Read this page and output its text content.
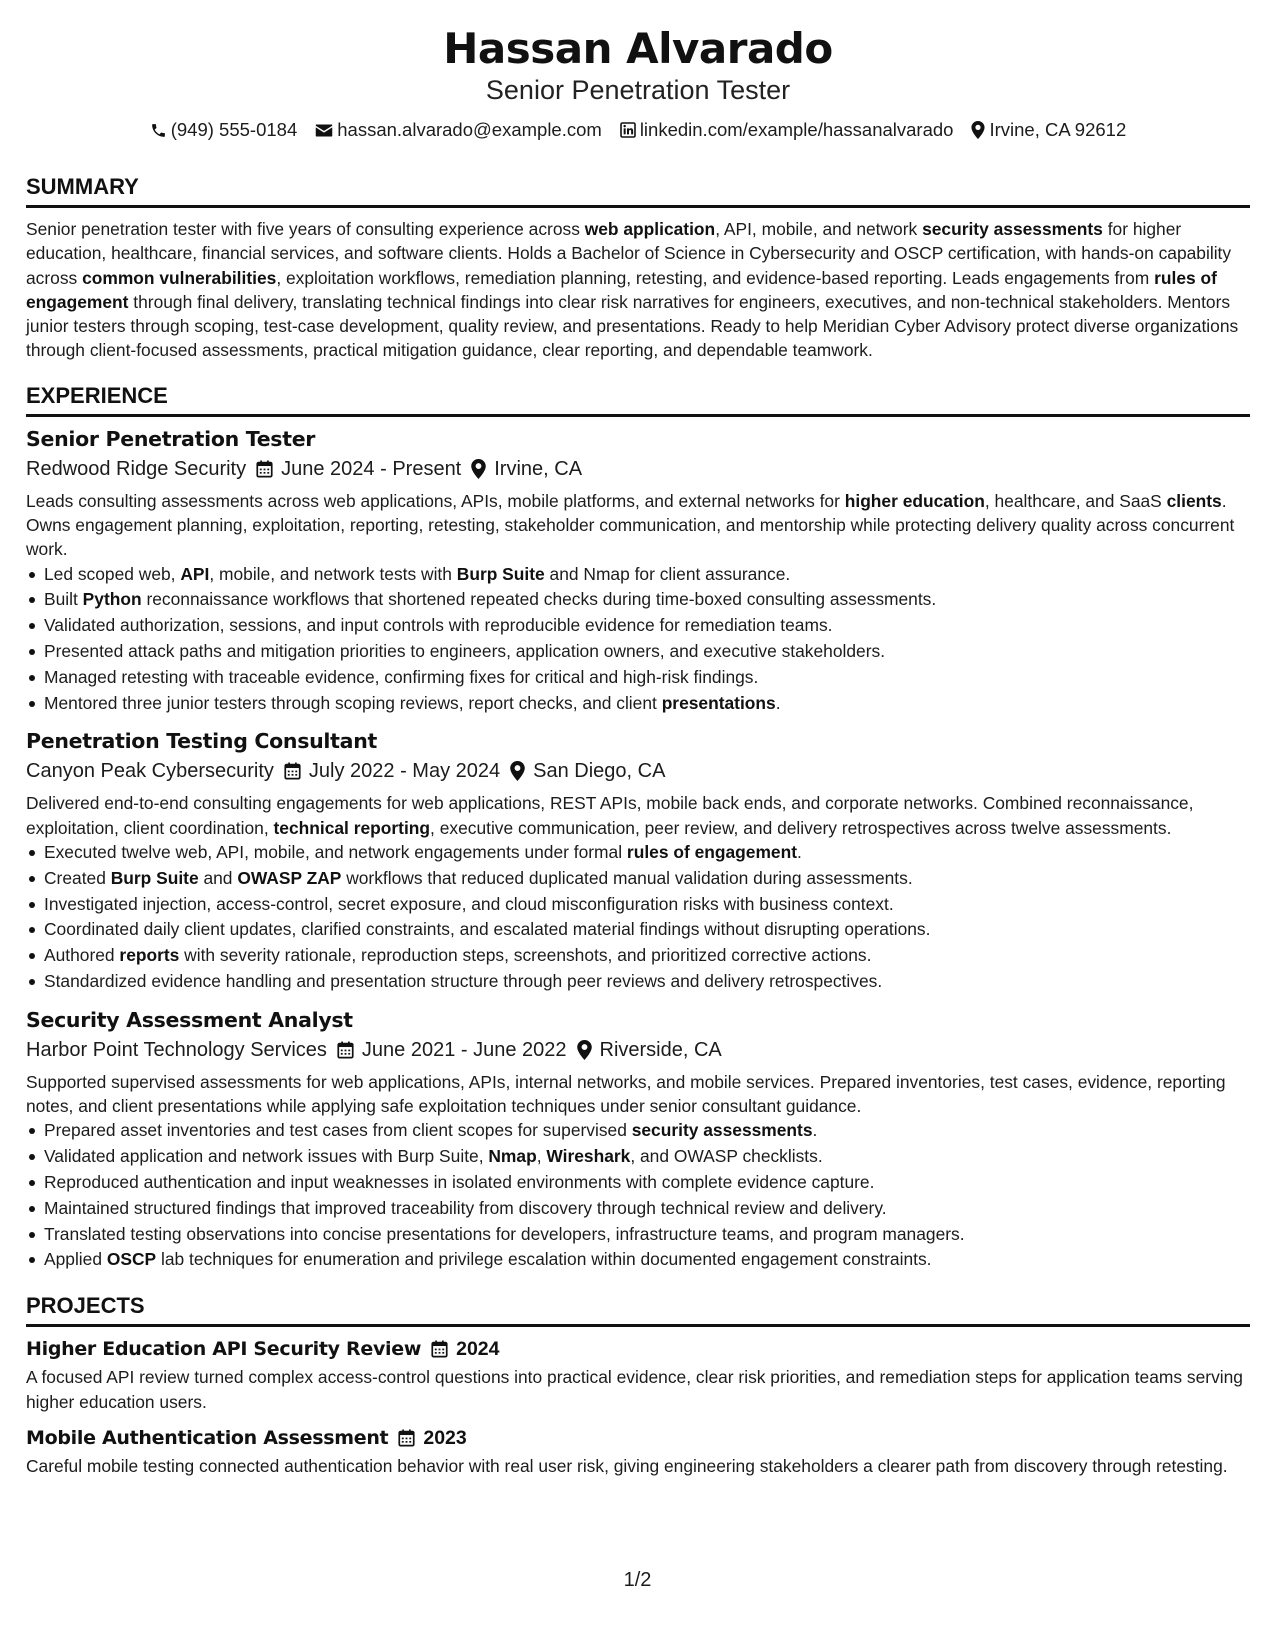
Hassan Alvarado
Senior Penetration Tester
(949) 555-0184 hassan.alvarado@example.com linkedin.com/example/hassanalvarado Irvine, CA 92612
SUMMARY
Senior penetration tester with five years of consulting experience across web application, API, mobile, and network security assessments for higher education, healthcare, financial services, and software clients. Holds a Bachelor of Science in Cybersecurity and OSCP certification, with hands-on capability across common vulnerabilities, exploitation workflows, remediation planning, retesting, and evidence-based reporting. Leads engagements from rules of engagement through final delivery, translating technical findings into clear risk narratives for engineers, executives, and non-technical stakeholders. Mentors junior testers through scoping, test-case development, quality review, and presentations. Ready to help Meridian Cyber Advisory protect diverse organizations through client-focused assessments, practical mitigation guidance, clear reporting, and dependable teamwork.
EXPERIENCE
Senior Penetration Tester
Redwood Ridge Security June 2024 - Present Irvine, CA
Leads consulting assessments across web applications, APIs, mobile platforms, and external networks for higher education, healthcare, and SaaS clients. Owns engagement planning, exploitation, reporting, retesting, stakeholder communication, and mentorship while protecting delivery quality across concurrent work.
Led scoped web, API, mobile, and network tests with Burp Suite and Nmap for client assurance.
Built Python reconnaissance workflows that shortened repeated checks during time-boxed consulting assessments.
Validated authorization, sessions, and input controls with reproducible evidence for remediation teams.
Presented attack paths and mitigation priorities to engineers, application owners, and executive stakeholders.
Managed retesting with traceable evidence, confirming fixes for critical and high-risk findings.
Mentored three junior testers through scoping reviews, report checks, and client presentations.
Penetration Testing Consultant
Canyon Peak Cybersecurity July 2022 - May 2024 San Diego, CA
Delivered end-to-end consulting engagements for web applications, REST APIs, mobile back ends, and corporate networks. Combined reconnaissance, exploitation, client coordination, technical reporting, executive communication, peer review, and delivery retrospectives across twelve assessments.
Executed twelve web, API, mobile, and network engagements under formal rules of engagement.
Created Burp Suite and OWASP ZAP workflows that reduced duplicated manual validation during assessments.
Investigated injection, access-control, secret exposure, and cloud misconfiguration risks with business context.
Coordinated daily client updates, clarified constraints, and escalated material findings without disrupting operations.
Authored reports with severity rationale, reproduction steps, screenshots, and prioritized corrective actions.
Standardized evidence handling and presentation structure through peer reviews and delivery retrospectives.
Security Assessment Analyst
Harbor Point Technology Services June 2021 - June 2022 Riverside, CA
Supported supervised assessments for web applications, APIs, internal networks, and mobile services. Prepared inventories, test cases, evidence, reporting notes, and client presentations while applying safe exploitation techniques under senior consultant guidance.
Prepared asset inventories and test cases from client scopes for supervised security assessments.
Validated application and network issues with Burp Suite, Nmap, Wireshark, and OWASP checklists.
Reproduced authentication and input weaknesses in isolated environments with complete evidence capture.
Maintained structured findings that improved traceability from discovery through technical review and delivery.
Translated testing observations into concise presentations for developers, infrastructure teams, and program managers.
Applied OSCP lab techniques for enumeration and privilege escalation within documented engagement constraints.
PROJECTS
Higher Education API Security Review 2024
A focused API review turned complex access-control questions into practical evidence, clear risk priorities, and remediation steps for application teams serving higher education users.
Mobile Authentication Assessment 2023
Careful mobile testing connected authentication behavior with real user risk, giving engineering stakeholders a clearer path from discovery through retesting.
1/2
